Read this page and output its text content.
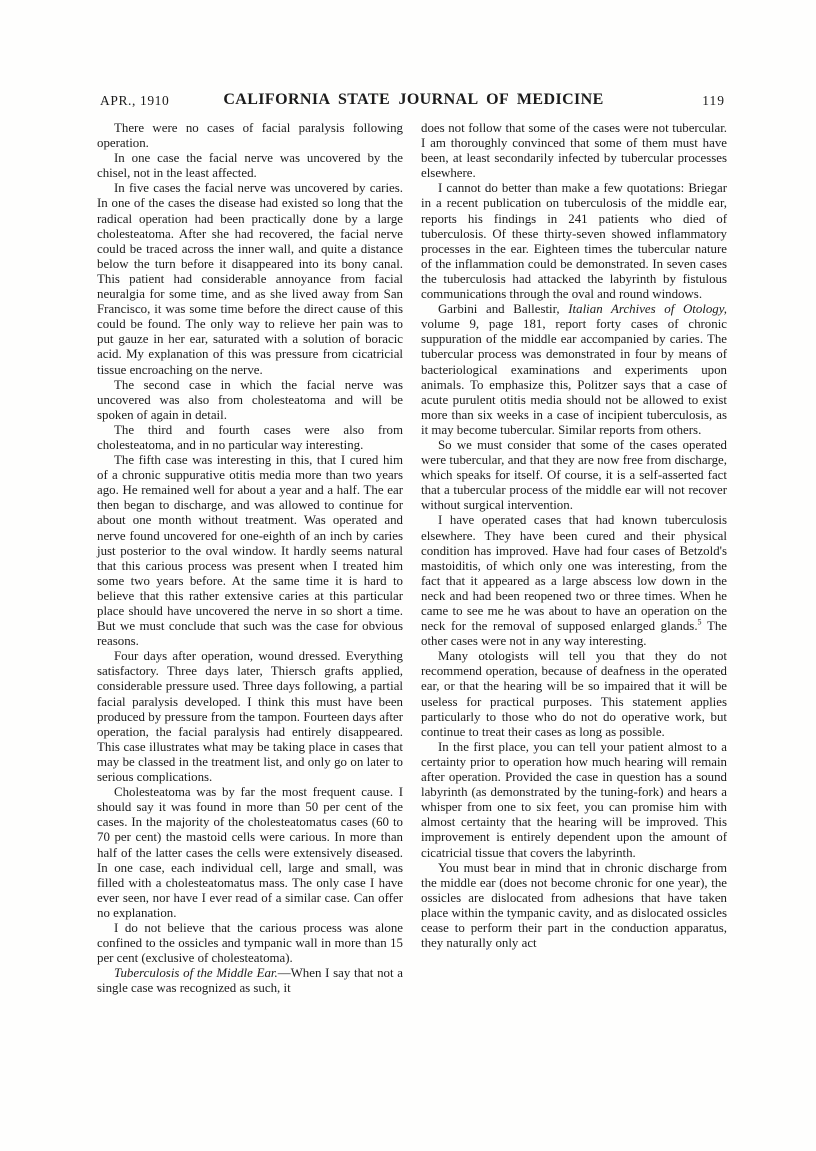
APR., 1910	CALIFORNIA STATE JOURNAL OF MEDICINE	119

There were no cases of facial paralysis following operation.

In one case the facial nerve was uncovered by the chisel, not in the least affected.

In five cases the facial nerve was uncovered by caries. In one of the cases the disease had existed so long that the radical operation had been practically done by a large cholesteatoma. After she had recovered, the facial nerve could be traced across the inner wall, and quite a distance below the turn before it disappeared into its bony canal. This patient had considerable annoyance from facial neuralgia for some time, and as she lived away from San Francisco, it was some time before the direct cause of this could be found. The only way to relieve her pain was to put gauze in her ear, saturated with a solution of boracic acid. My explanation of this was pressure from cicatricial tissue encroaching on the nerve.

The second case in which the facial nerve was uncovered was also from cholesteatoma and will be spoken of again in detail.

The third and fourth cases were also from cholesteatoma, and in no particular way interesting.

The fifth case was interesting in this, that I cured him of a chronic suppurative otitis media more than two years ago. He remained well for about a year and a half. The ear then began to discharge, and was allowed to continue for about one month without treatment. Was operated and nerve found uncovered for one-eighth of an inch by caries just posterior to the oval window. It hardly seems natural that this carious process was present when I treated him some two years before. At the same time it is hard to believe that this rather extensive caries at this particular place should have uncovered the nerve in so short a time. But we must conclude that such was the case for obvious reasons.

Four days after operation, wound dressed. Everything satisfactory. Three days later, Thiersch grafts applied, considerable pressure used. Three days following, a partial facial paralysis developed. I think this must have been produced by pressure from the tampon. Fourteen days after operation, the facial paralysis had entirely disappeared. This case illustrates what may be taking place in cases that may be classed in the treatment list, and only go on later to serious complications.

Cholesteatoma was by far the most frequent cause. I should say it was found in more than 50 per cent of the cases. In the majority of the cholesteatomatus cases (60 to 70 per cent) the mastoid cells were carious. In more than half of the latter cases the cells were extensively diseased. In one case, each individual cell, large and small, was filled with a cholesteatomatus mass. The only case I have ever seen, nor have I ever read of a similar case. Can offer no explanation.

I do not believe that the carious process was alone confined to the ossicles and tympanic wall in more than 15 per cent (exclusive of cholesteatoma).

Tuberculosis of the Middle Ear.—When I say that not a single case was recognized as such, it

does not follow that some of the cases were not tubercular. I am thoroughly convinced that some of them must have been, at least secondarily infected by tubercular processes elsewhere.

I cannot do better than make a few quotations: Briegar in a recent publication on tuberculosis of the middle ear, reports his findings in 241 patients who died of tuberculosis. Of these thirty-seven showed inflammatory processes in the ear. Eighteen times the tubercular nature of the inflammation could be demonstrated. In seven cases the tuberculosis had attacked the labyrinth by fistulous communications through the oval and round windows.

Garbini and Ballestir, Italian Archives of Otology, volume 9, page 181, report forty cases of chronic suppuration of the middle ear accompanied by caries. The tubercular process was demonstrated in four by means of bacteriological examinations and experiments upon animals. To emphasize this, Politzer says that a case of acute purulent otitis media should not be allowed to exist more than six weeks in a case of incipient tuberculosis, as it may become tubercular. Similar reports from others.

So we must consider that some of the cases operated were tubercular, and that they are now free from discharge, which speaks for itself. Of course, it is a self-asserted fact that a tubercular process of the middle ear will not recover without surgical intervention.

I have operated cases that had known tuberculosis elsewhere. They have been cured and their physical condition has improved. Have had four cases of Betzold's mastoiditis, of which only one was interesting, from the fact that it appeared as a large abscess low down in the neck and had been reopened two or three times. When he came to see me he was about to have an operation on the neck for the removal of supposed enlarged glands.$^5$ The other cases were not in any way interesting.

Many otologists will tell you that they do not recommend operation, because of deafness in the operated ear, or that the hearing will be so impaired that it will be useless for practical purposes. This statement applies particularly to those who do not do operative work, but continue to treat their cases as long as possible.

In the first place, you can tell your patient almost to a certainty prior to operation how much hearing will remain after operation. Provided the case in question has a sound labyrinth (as demonstrated by the tuning-fork) and hears a whisper from one to six feet, you can promise him with almost certainty that the hearing will be improved. This improvement is entirely dependent upon the amount of cicatricial tissue that covers the labyrinth.

You must bear in mind that in chronic discharge from the middle ear (does not become chronic for one year), the ossicles are dislocated from adhesions that have taken place within the tympanic cavity, and as dislocated ossicles cease to perform their part in the conduction apparatus, they naturally only act
